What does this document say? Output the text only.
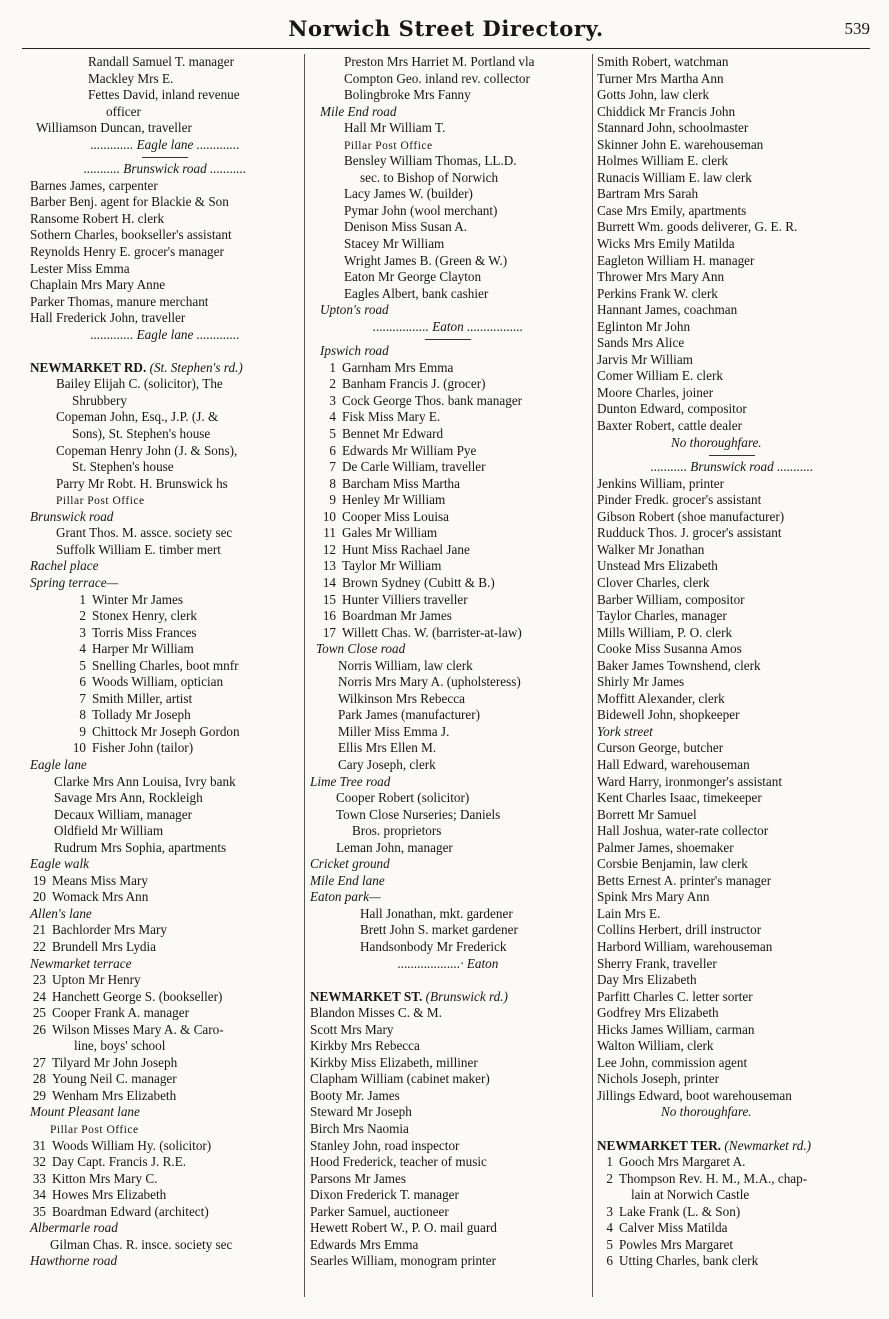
Norwich Street Directory.	539
Randall Samuel T. manager
Mackley Mrs E.
Fettes David, inland revenue
officer
Williamson Duncan, traveller
............. Eagle lane .............
........... Brunswick road ...........
Barnes James, carpenter
Barber Benj. agent for Blackie & Son
Ransome Robert H. clerk
Sothern Charles, bookseller's assistant
Reynolds Henry E. grocer's manager
Lester Miss Emma
Chaplain Mrs Mary Anne
Parker Thomas, manure merchant
Hall Frederick John, traveller
............. Eagle lane .............
NEWMARKET RD. (St. Stephen's rd.)
Bailey Elijah C. (solicitor), The
Shrubbery
Copeman John, Esq., J.P. (J. &
Sons), St. Stephen's house
Copeman Henry John (J. & Sons),
St. Stephen's house
Parry Mr Robt. H. Brunswick hs
Pillar Post Office
Brunswick road
Grant Thos. M. assce. society sec
Suffolk William E. timber mert
Rachel place
Spring terrace—
1 Winter Mr James
2 Stonex Henry, clerk
3 Torris Miss Frances
4 Harper Mr William
5 Snelling Charles, boot mnfr
6 Woods William, optician
7 Smith Miller, artist
8 Tollady Mr Joseph
9 Chittock Mr Joseph Gordon
10 Fisher John (tailor)
Eagle lane
Clarke Mrs Ann Louisa, Ivry bank
Savage Mrs Ann, Rockleigh
Decaux William, manager
Oldfield Mr William
Rudrum Mrs Sophia, apartments
Eagle walk
19 Means Miss Mary
20 Womack Mrs Ann
Allen's lane
21 Bachlorder Mrs Mary
22 Brundell Mrs Lydia
Newmarket terrace
23 Upton Mr Henry
24 Hanchett George S. (bookseller)
25 Cooper Frank A. manager
26 Wilson Misses Mary A. & Caro-
line, boys' school
27 Tilyard Mr John Joseph
28 Young Neil C. manager
29 Wenham Mrs Elizabeth
Mount Pleasant lane
Pillar Post Office
31 Woods William Hy. (solicitor)
32 Day Capt. Francis J. R.E.
33 Kitton Mrs Mary C.
34 Howes Mrs Elizabeth
35 Boardman Edward (architect)
Albermarle road
Gilman Chas. R. insce. society sec
Hawthorne road
Preston Mrs Harriet M. Portland vla
Compton Geo. inland rev. collector
Bolingbroke Mrs Fanny
Mile End road
Hall Mr William T.
Pillar Post Office
Bensley William Thomas, LL.D.
sec. to Bishop of Norwich
Lacy James W. (builder)
Pymar John (wool merchant)
Denison Miss Susan A.
Stacey Mr William
Wright James B. (Green & W.)
Eaton Mr George Clayton
Eagles Albert, bank cashier
Upton's road
................. Eaton .................
Ipswich road
1 Garnham Mrs Emma
2 Banham Francis J. (grocer)
3 Cock George Thos. bank manager
4 Fisk Miss Mary E.
5 Bennet Mr Edward
6 Edwards Mr William Pye
7 De Carle William, traveller
8 Barcham Miss Martha
9 Henley Mr William
10 Cooper Miss Louisa
11 Gales Mr William
12 Hunt Miss Rachael Jane
13 Taylor Mr William
14 Brown Sydney (Cubitt & B.)
15 Hunter Villiers traveller
16 Boardman Mr James
17 Willett Chas. W. (barrister-at-law)
Town Close road
Norris William, law clerk
Norris Mrs Mary A. (upholsteress)
Wilkinson Mrs Rebecca
Park James (manufacturer)
Miller Miss Emma J.
Ellis Mrs Ellen M.
Cary Joseph, clerk
Lime Tree road
Cooper Robert (solicitor)
Town Close Nurseries; Daniels
Bros. proprietors
Leman John, manager
Cricket ground
Mile End lane
Eaton park—
Hall Jonathan, mkt. gardener
Brett John S. market gardener
Handsonbody Mr Frederick
...................· Eaton
NEWMARKET ST. (Brunswick rd.)
Blandon Misses C. & M.
Scott Mrs Mary
Kirkby Mrs Rebecca
Kirkby Miss Elizabeth, milliner
Clapham William (cabinet maker)
Booty Mr. James
Steward Mr Joseph
Birch Mrs Naomia
Stanley John, road inspector
Hood Frederick, teacher of music
Parsons Mr James
Dixon Frederick T. manager
Parker Samuel, auctioneer
Hewett Robert W., P. O. mail guard
Edwards Mrs Emma
Searles William, monogram printer
Smith Robert, watchman
Turner Mrs Martha Ann
Gotts John, law clerk
Chiddick Mr Francis John
Stannard John, schoolmaster
Skinner John E. warehouseman
Holmes William E. clerk
Runacis William E. law clerk
Bartram Mrs Sarah
Case Mrs Emily, apartments
Burrett Wm. goods deliverer, G. E. R.
Wicks Mrs Emily Matilda
Eagleton William H. manager
Thrower Mrs Mary Ann
Perkins Frank W. clerk
Hannant James, coachman
Eglinton Mr John
Sands Mrs Alice
Jarvis Mr William
Comer William E. clerk
Moore Charles, joiner
Dunton Edward, compositor
Baxter Robert, cattle dealer
No thoroughfare.
........... Brunswick road ...........
Jenkins William, printer
Pinder Fredk. grocer's assistant
Gibson Robert (shoe manufacturer)
Rudduck Thos. J. grocer's assistant
Walker Mr Jonathan
Unstead Mrs Elizabeth
Clover Charles, clerk
Barber William, compositor
Taylor Charles, manager
Mills William, P. O. clerk
Cooke Miss Susanna Amos
Baker James Townshend, clerk
Shirly Mr James
Moffitt Alexander, clerk
Bidewell John, shopkeeper
York street
Curson George, butcher
Hall Edward, warehouseman
Ward Harry, ironmonger's assistant
Kent Charles Isaac, timekeeper
Borrett Mr Samuel
Hall Joshua, water-rate collector
Palmer James, shoemaker
Corsbie Benjamin, law clerk
Betts Ernest A. printer's manager
Spink Mrs Mary Ann
Lain Mrs E.
Collins Herbert, drill instructor
Harbord William, warehouseman
Sherry Frank, traveller
Day Mrs Elizabeth
Parfitt Charles C. letter sorter
Godfrey Mrs Elizabeth
Hicks James William, carman
Walton William, clerk
Lee John, commission agent
Nichols Joseph, printer
Jillings Edward, boot warehouseman
No thoroughfare.
NEWMARKET TER. (Newmarket rd.)
1 Gooch Mrs Margaret A.
2 Thompson Rev. H. M., M.A., chap-
lain at Norwich Castle
3 Lake Frank (L. & Son)
4 Calver Miss Matilda
5 Powles Mrs Margaret
6 Utting Charles, bank clerk
